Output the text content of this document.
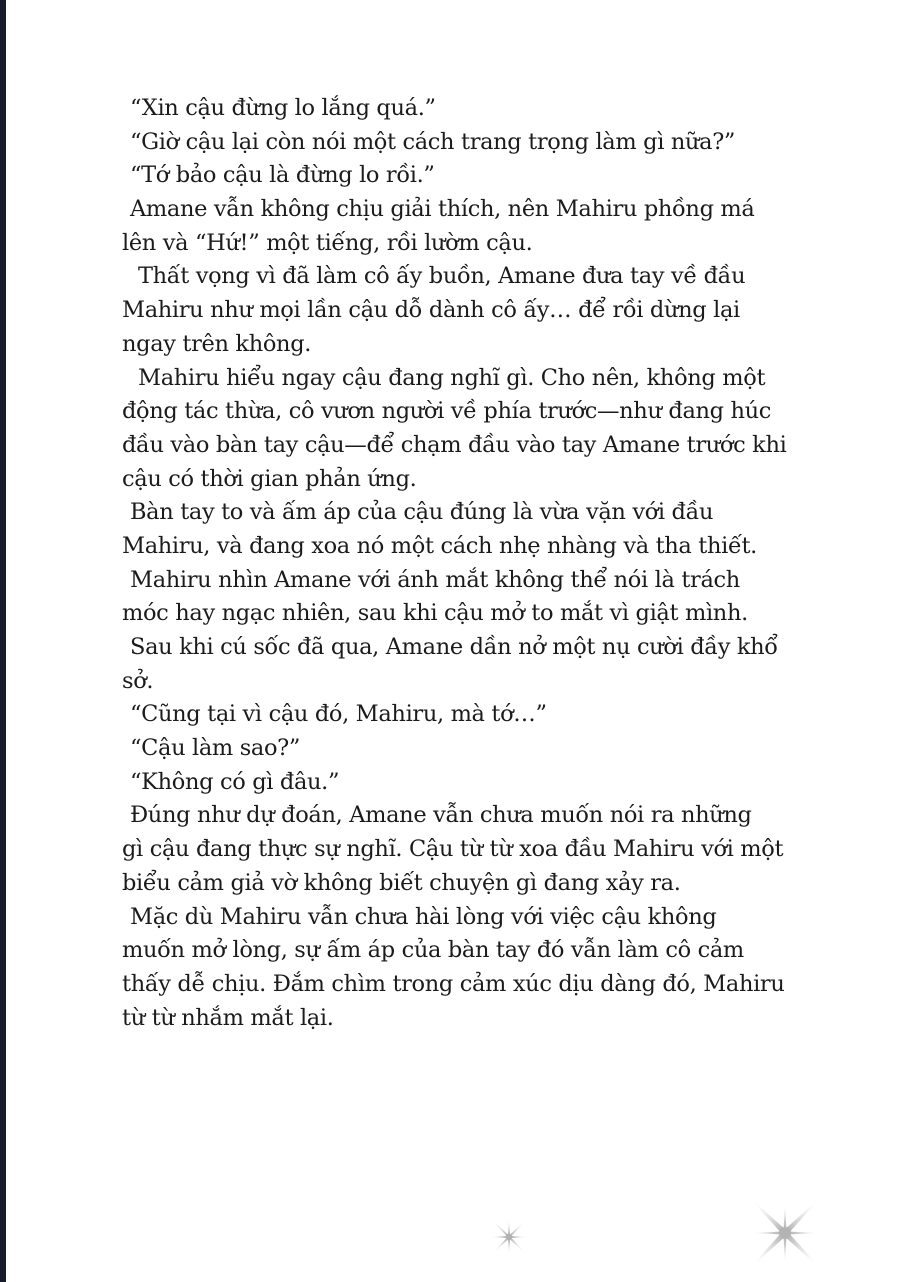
“Xin cậu đừng lo lắng quá.”
“Giờ cậu lại còn nói một cách trang trọng làm gì nữa?”
“Tớ bảo cậu là đừng lo rồi.”
Amane vẫn không chịu giải thích, nên Mahiru phồng má
lên và “Hứ!” một tiếng, rồi lườm cậu.
Thất vọng vì đã làm cô ấy buồn, Amane đưa tay về đầu
Mahiru như mọi lần cậu dỗ dành cô ấy… để rồi dừng lại
ngay trên không.
Mahiru hiểu ngay cậu đang nghĩ gì. Cho nên, không một
động tác thừa, cô vươn người về phía trước—như đang húc
đầu vào bàn tay cậu—để chạm đầu vào tay Amane trước khi
cậu có thời gian phản ứng.
Bàn tay to và ấm áp của cậu đúng là vừa vặn với đầu
Mahiru, và đang xoa nó một cách nhẹ nhàng và tha thiết.
Mahiru nhìn Amane với ánh mắt không thể nói là trách
móc hay ngạc nhiên, sau khi cậu mở to mắt vì giật mình.
Sau khi cú sốc đã qua, Amane dần nở một nụ cười đầy khổ
sở.
“Cũng tại vì cậu đó, Mahiru, mà tớ…”
“Cậu làm sao?”
“Không có gì đâu.”
Đúng như dự đoán, Amane vẫn chưa muốn nói ra những
gì cậu đang thực sự nghĩ. Cậu từ từ xoa đầu Mahiru với một
biểu cảm giả vờ không biết chuyện gì đang xảy ra.
Mặc dù Mahiru vẫn chưa hài lòng với việc cậu không
muốn mở lòng, sự ấm áp của bàn tay đó vẫn làm cô cảm
thấy dễ chịu. Đắm chìm trong cảm xúc dịu dàng đó, Mahiru
từ từ nhắm mắt lại.
